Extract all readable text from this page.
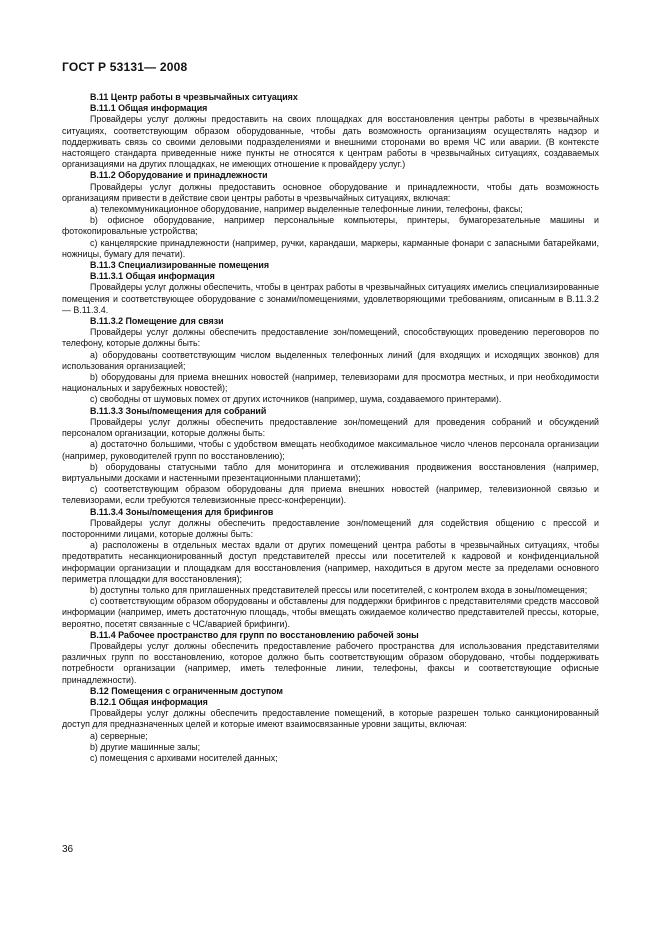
ГОСТ Р 53131— 2008

B.11 Центр работы в чрезвычайных ситуациях

B.11.1 Общая информация

Провайдеры услуг должны предоставить на своих площадках для восстановления центры работы в чрезвычайных ситуациях, соответствующим образом оборудованные, чтобы дать возможность организациям осуществлять надзор и поддерживать связь со своими деловыми подразделениями и внешними сторонами во время ЧС или аварии. (В контексте настоящего стандарта приведенные ниже пункты не относятся к центрам работы в чрезвычайных ситуациях, создаваемых организациями на других площадках, не имеющих отношение к провайдеру услуг.)

B.11.2 Оборудование и принадлежности

Провайдеры услуг должны предоставить основное оборудование и принадлежности, чтобы дать возможность организациям привести в действие свои центры работы в чрезвычайных ситуациях, включая:

a) телекоммуникационное оборудование, например выделенные телефонные линии, телефоны, факсы;

b) офисное оборудование, например персональные компьютеры, принтеры, бумагорезательные машины и фотокопировальные устройства;

c) канцелярские принадлежности (например, ручки, карандаши, маркеры, карманные фонари с запасными батарейками, ножницы, бумагу для печати).

B.11.3 Специализированные помещения

B.11.3.1 Общая информация

Провайдеры услуг должны обеспечить, чтобы в центрах работы в чрезвычайных ситуациях имелись специализированные помещения и соответствующее оборудование с зонами/помещениями, удовлетворяющими требованиям, описанным в B.11.3.2 — B.11.3.4.

B.11.3.2 Помещение для связи

Провайдеры услуг должны обеспечить предоставление зон/помещений, способствующих проведению переговоров по телефону, которые должны быть:

a) оборудованы соответствующим числом выделенных телефонных линий (для входящих и исходящих звонков) для использования организацией;

b) оборудованы для приема внешних новостей (например, телевизорами для просмотра местных, и при необходимости национальных и зарубежных новостей);

c) свободны от шумовых помех от других источников (например, шума, создаваемого принтерами).

B.11.3.3 Зоны/помещения для собраний

Провайдеры услуг должны обеспечить предоставление зон/помещений для проведения собраний и обсуждений персоналом организации, которые должны быть:

a) достаточно большими, чтобы с удобством вмещать необходимое максимальное число членов персонала организации (например, руководителей групп по восстановлению);

b) оборудованы статусными табло для мониторинга и отслеживания продвижения восстановления (например, виртуальными досками и настенными презентационными планшетами);

c) соответствующим образом оборудованы для приема внешних новостей (например, телевизионной связью и телевизорами, если требуются телевизионные пресс-конференции).

B.11.3.4 Зоны/помещения для брифингов

Провайдеры услуг должны обеспечить предоставление зон/помещений для содействия общению с прессой и посторонними лицами, которые должны быть:

a) расположены в отдельных местах вдали от других помещений центра работы в чрезвычайных ситуациях, чтобы предотвратить несанкционированный доступ представителей прессы или посетителей к кадровой и конфиденциальной информации организации и площадкам для восстановления (например, находиться в другом месте за пределами основного периметра площадки для восстановления);

b) доступны только для приглашенных представителей прессы или посетителей, с контролем входа в зоны/помещения;

c) соответствующим образом оборудованы и обставлены для поддержки брифингов с представителями средств массовой информации (например, иметь достаточную площадь, чтобы вмещать ожидаемое количество представителей прессы, которые, вероятно, посетят связанные с ЧС/аварией брифинги).

B.11.4 Рабочее пространство для групп по восстановлению рабочей зоны

Провайдеры услуг должны обеспечить предоставление рабочего пространства для использования представителями различных групп по восстановлению, которое должно быть соответствующим образом оборудовано, чтобы поддерживать потребности организации (например, иметь телефонные линии, телефоны, факсы и соответствующие офисные принадлежности).

B.12 Помещения с ограниченным доступом

B.12.1 Общая информация

Провайдеры услуг должны обеспечить предоставление помещений, в которые разрешен только санкционированный доступ для предназначенных целей и которые имеют взаимосвязанные уровни защиты, включая:

a) серверные;

b) другие машинные залы;

c) помещения с архивами носителей данных;

36
